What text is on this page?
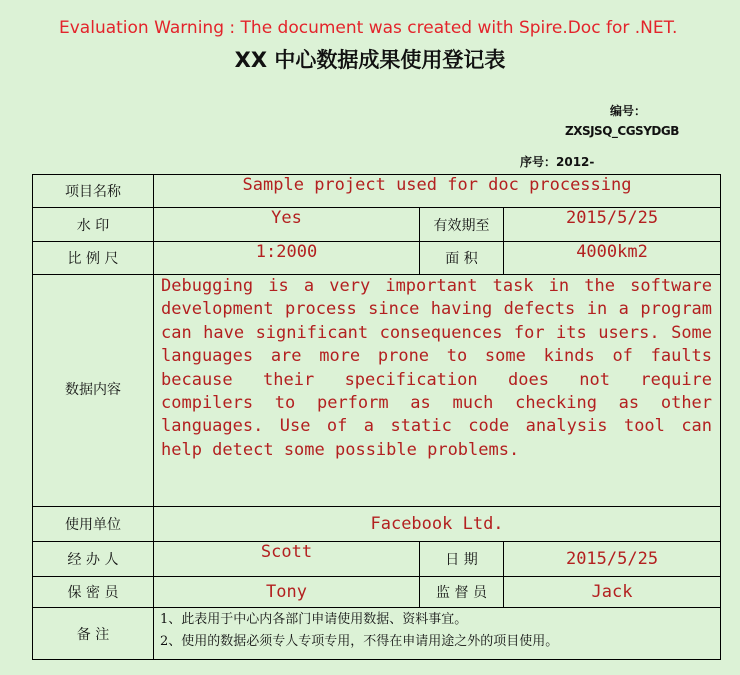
Evaluation Warning : The document was created with Spire.Doc for .NET.
XX 中心数据成果使用登记表
编号：
ZXSJSQ_CGSYDGB
序号：2012-
项目名称	Sample project used for doc processing		
水 印	Yes	有效期至	2015/5/25
比 例 尺	1:2000	面 积	4000km2
数据内容	Debugging is a very important task in the software development process since having defects in a program can have significant consequences for its users. Some languages are more prone to some kinds of faults because their specification does not require compilers to perform as much checking as other languages. Use of a static code analysis tool can help detect some possible problems.		
使用单位	Facebook Ltd.		
经 办 人	Scott	日 期	2015/5/25
保 密 员	Tony	监 督 员	Jack
备 注	1、此表用于中心内各部门申请使用数据、资料事宜。
2、使用的数据必须专人专项专用，不得在申请用途之外的项目使用。		
